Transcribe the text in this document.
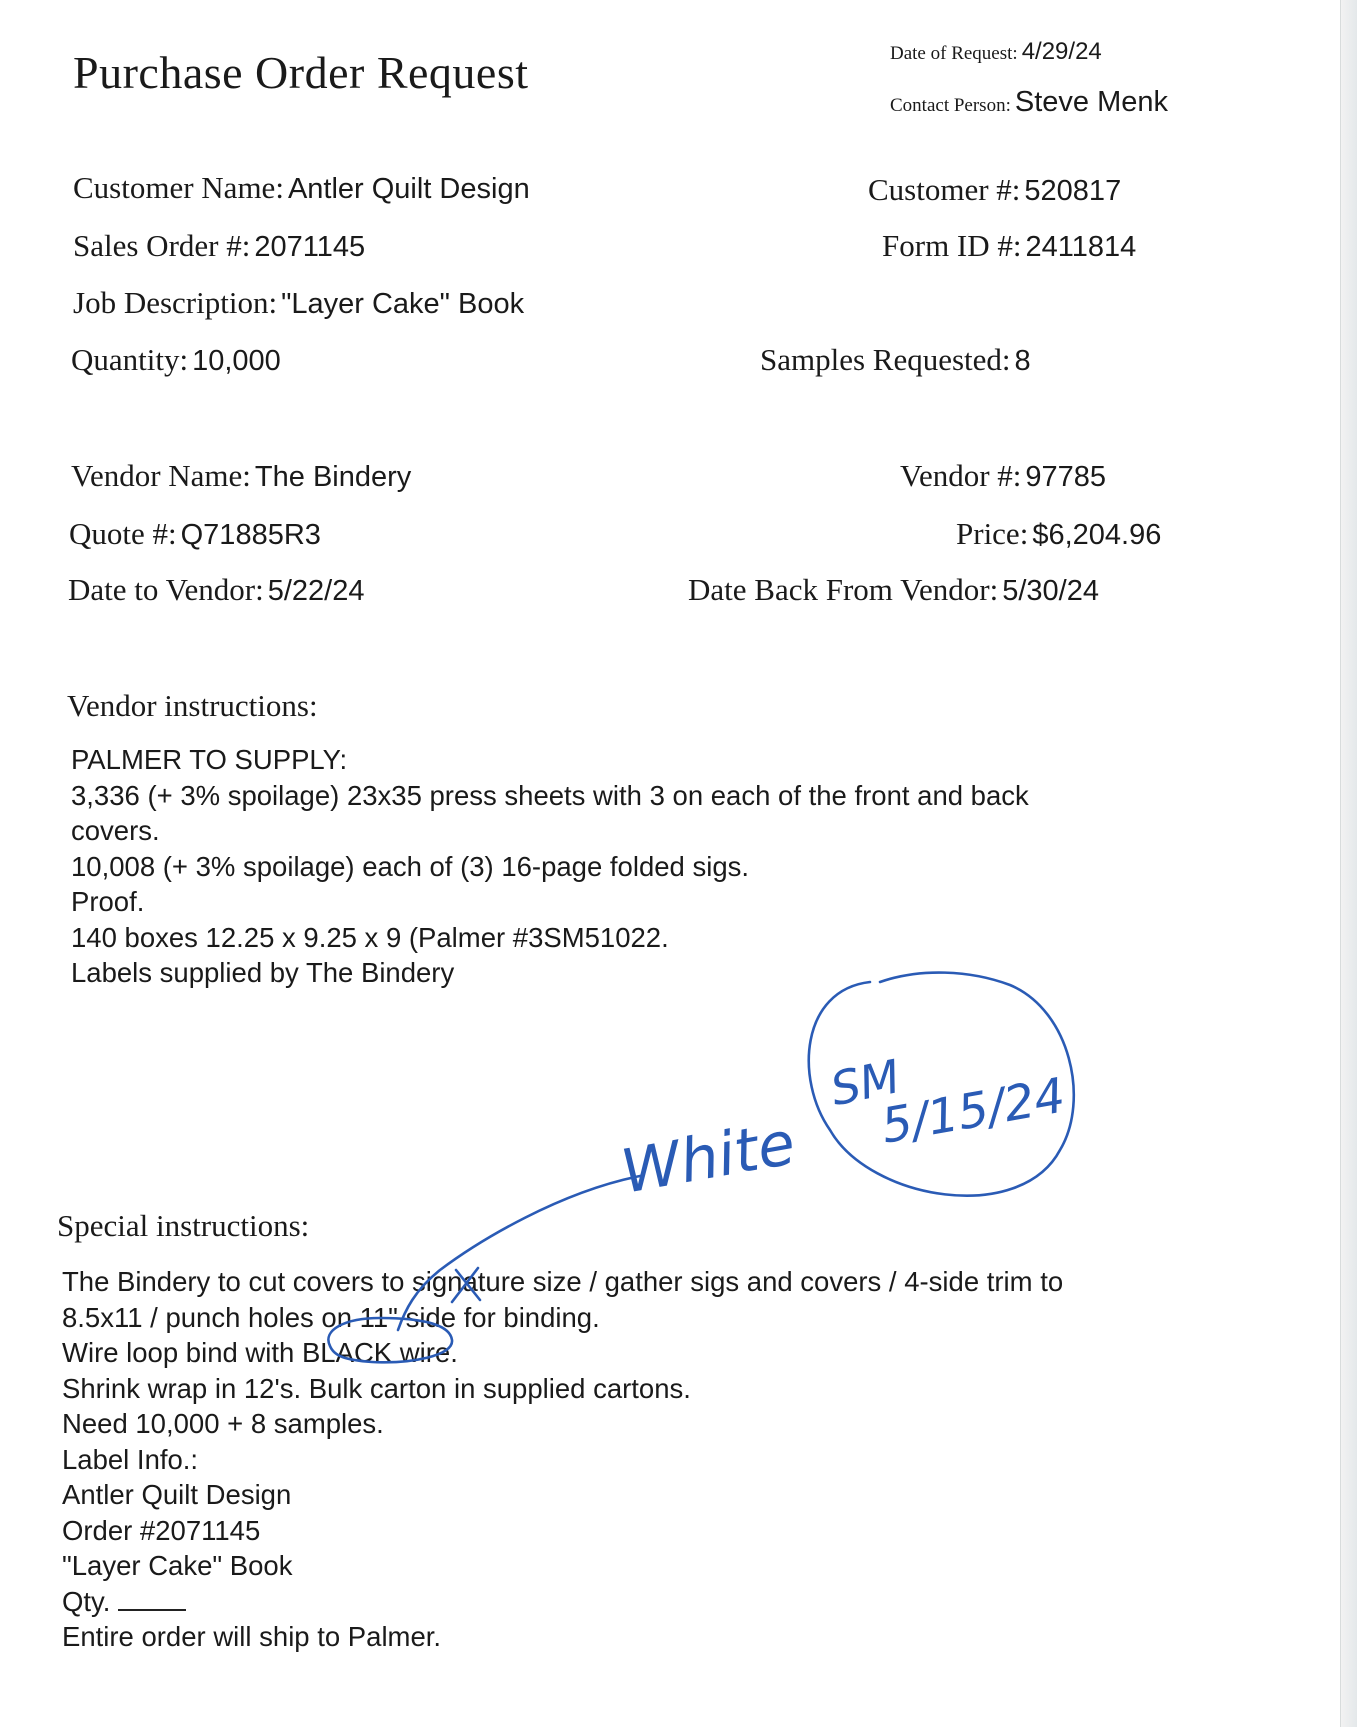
Purchase Order Request	Date of Request: 4/29/24
Contact Person: Steve Menk
Customer Name: Antler Quilt Design	Customer #: 520817
Sales Order #: 2071145	Form ID #: 2411814
Job Description: "Layer Cake" Book
Quantity: 10,000	Samples Requested: 8
Vendor Name: The Bindery	Vendor #: 97785
Quote #: Q71885R3	Price: $6,204.96
Date to Vendor: 5/22/24	Date Back From Vendor: 5/30/24
Vendor instructions:
PALMER TO SUPPLY:
3,336 (+ 3% spoilage) 23x35 press sheets with 3 on each of the front and back
covers.
10,008 (+ 3% spoilage) each of (3) 16-page folded sigs.
Proof.
140 boxes 12.25 x 9.25 x 9 (Palmer #3SM51022.
Labels supplied by The Bindery
Special instructions:
The Bindery to cut covers to signature size / gather sigs and covers / 4-side trim to
8.5x11 / punch holes on 11" side for binding.
Wire loop bind with BLACK wire.
Shrink wrap in 12's. Bulk carton in supplied cartons.
Need 10,000 + 8 samples.
Label Info.:
Antler Quilt Design
Order #2071145
"Layer Cake" Book
Qty.
Entire order will ship to Palmer.
White
SM
5/15/24
